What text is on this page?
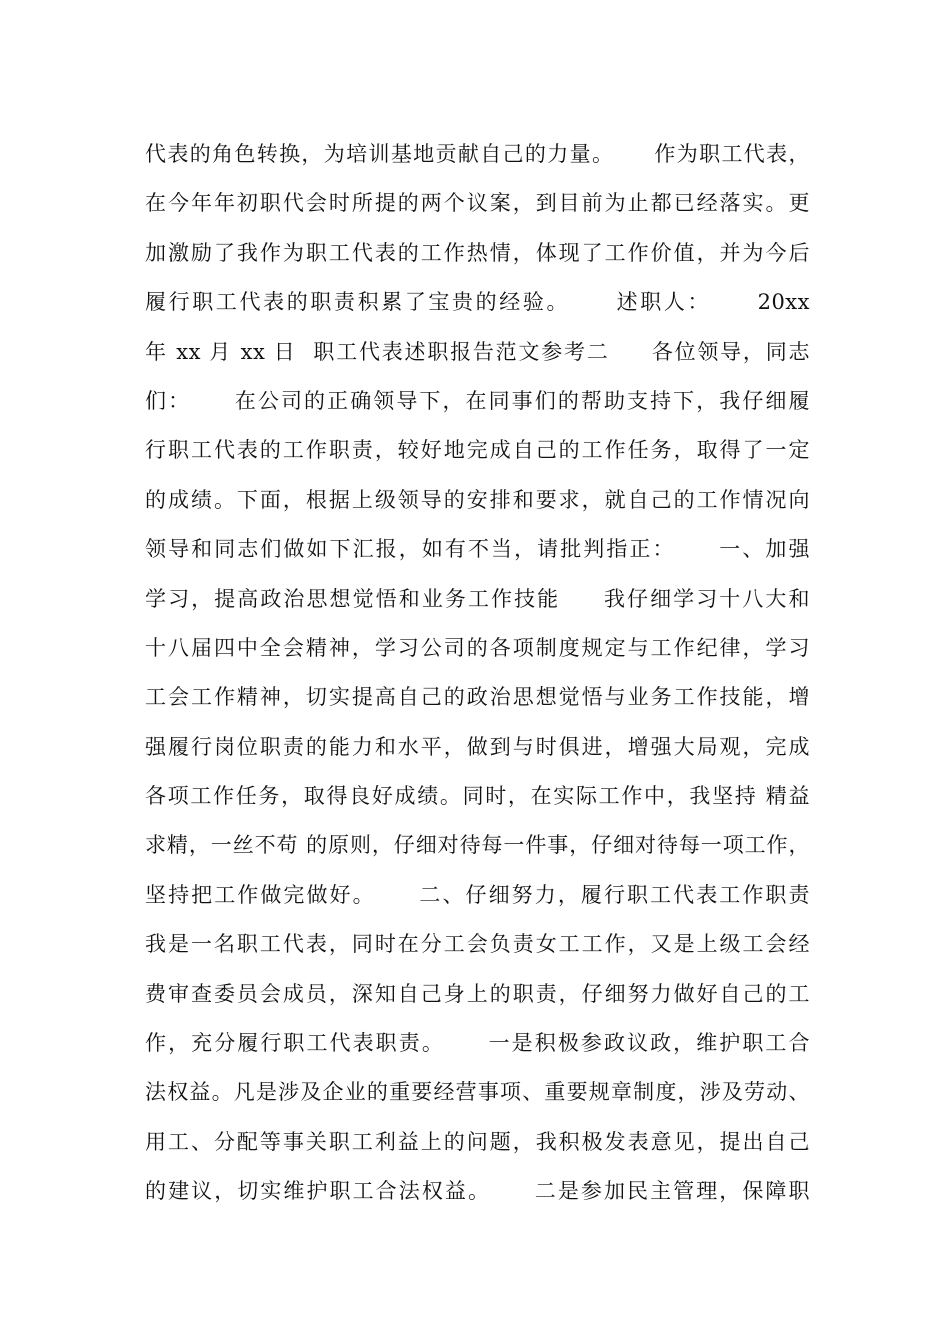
代表的角色转换，为培训基地贡献自己的力量。     作为职工代表，
在今年年初职代会时所提的两个议案，到目前为止都已经落实。更
加激励了我作为职工代表的工作热情，体现了工作价值，并为今后
履行职工代表的职责积累了宝贵的经验。     述职人：     20xx
年 xx 月 xx 日  职工代表述职报告范文参考二     各位领导，同志
们：     在公司的正确领导下，在同事们的帮助支持下，我仔细履
行职工代表的工作职责，较好地完成自己的工作任务，取得了一定
的成绩。下面，根据上级领导的安排和要求，就自己的工作情况向
领导和同志们做如下汇报，如有不当，请批判指正：     一、加强
学习，提高政治思想觉悟和业务工作技能     我仔细学习十八大和
十八届四中全会精神，学习公司的各项制度规定与工作纪律，学习
工会工作精神，切实提高自己的政治思想觉悟与业务工作技能，增
强履行岗位职责的能力和水平，做到与时俱进，增强大局观，完成
各项工作任务，取得良好成绩。同时，在实际工作中，我坚持 精益
求精，一丝不苟 的原则，仔细对待每一件事，仔细对待每一项工作，
坚持把工作做完做好。     二、仔细努力，履行职工代表工作职责
我是一名职工代表，同时在分工会负责女工工作，又是上级工会经
费审查委员会成员，深知自己身上的职责，仔细努力做好自己的工
作，充分履行职工代表职责。     一是积极参政议政，维护职工合
法权益。凡是涉及企业的重要经营事项、重要规章制度，涉及劳动、
用工、分配等事关职工利益上的问题，我积极发表意见，提出自己
的建议，切实维护职工合法权益。     二是参加民主管理，保障职
